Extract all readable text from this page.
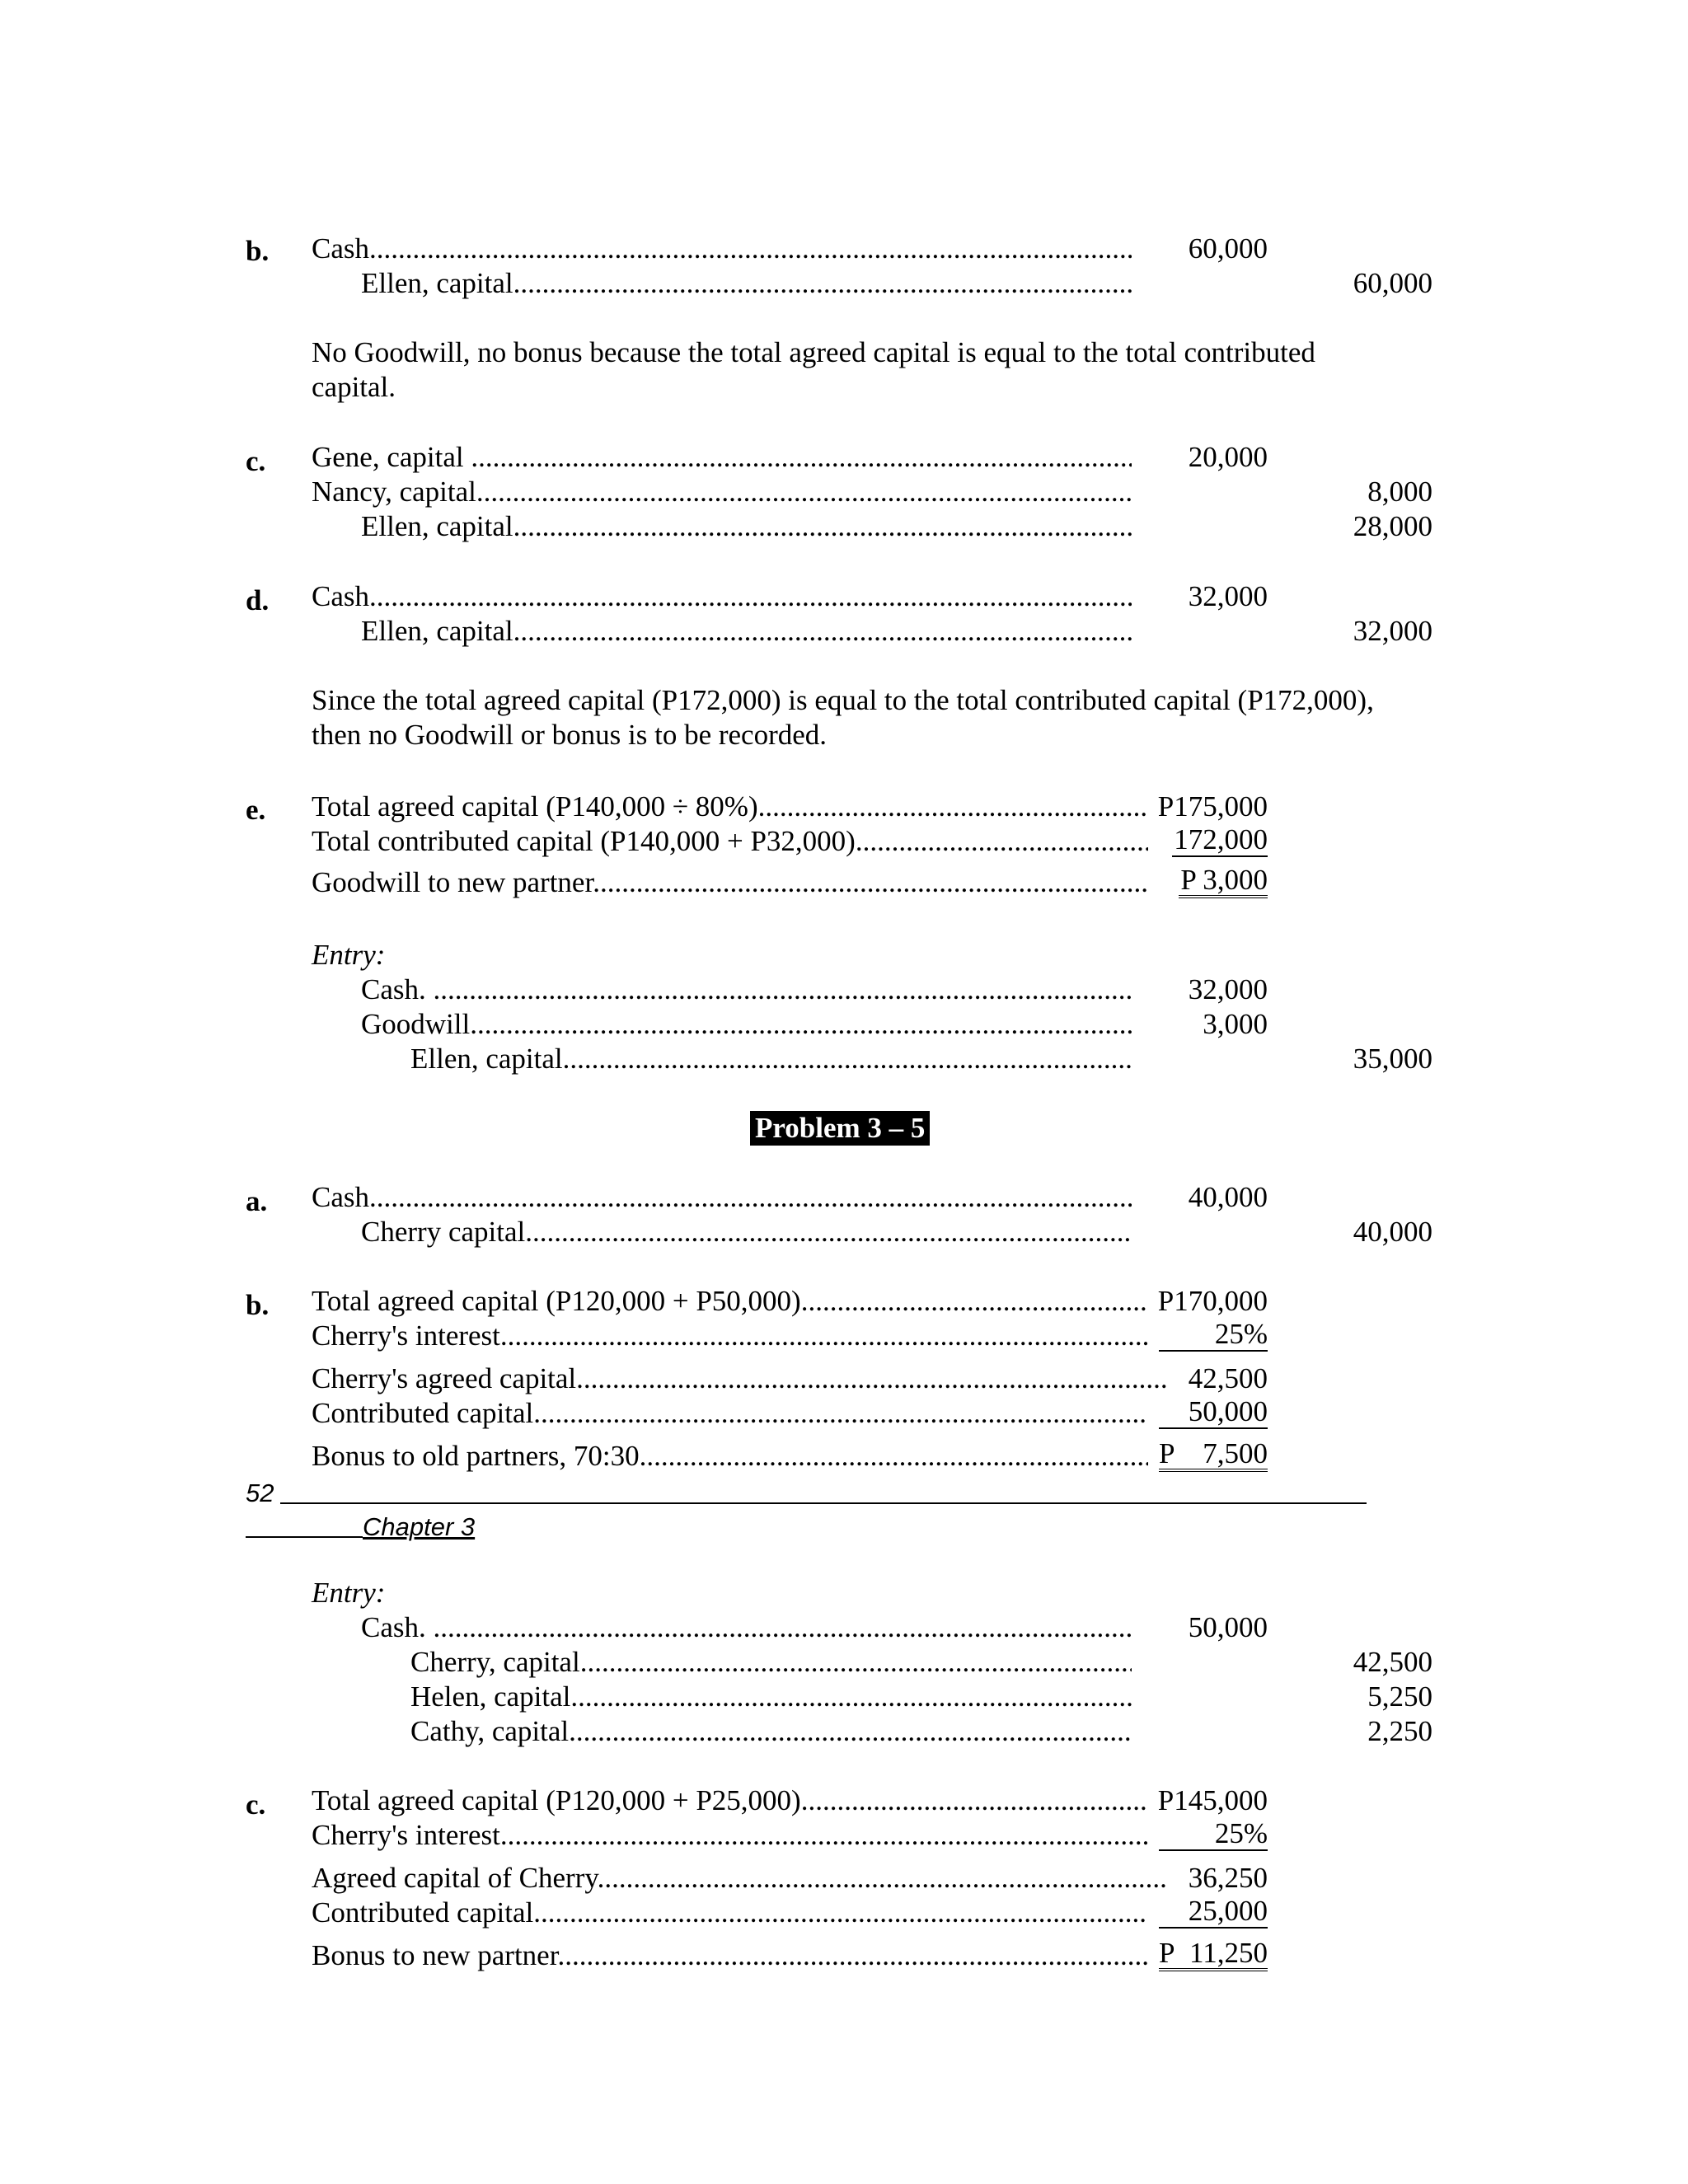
b. Cash .....	60,000
Ellen, capital .....	60,000
No Goodwill, no bonus because the total agreed capital is equal to the total contributed
capital.
c. Gene, capital .....	20,000
Nancy, capital .....	8,000
Ellen, capital .....	28,000
d. Cash .....	32,000
Ellen, capital .....	32,000
Since the total agreed capital (P172,000) is equal to the total contributed capital (P172,000),
then no Goodwill or bonus is to be recorded.
e. Total agreed capital (P140,000 ÷ 80%) .....	P175,000
Total contributed capital (P140,000 + P32,000) .....	172,000
Goodwill to new partner .....	P 3,000
Entry:
Cash. .....	32,000
Goodwill .....	3,000
Ellen, capital .....	35,000
Problem 3 – 5
a. Cash .....	40,000
Cherry capital .....	40,000
b. Total agreed capital (P120,000 + P50,000) .....	P170,000
Cherry's interest .....	25%
Cherry's agreed capital .....	42,500
Contributed capital .....	50,000
Bonus to old partners, 70:30 .....	P 7,500
52
Chapter 3
Entry:
Cash. .....	50,000
Cherry, capital .....	42,500
Helen, capital .....	5,250
Cathy, capital .....	2,250
c. Total agreed capital (P120,000 + P25,000) .....	P145,000
Cherry's interest .....	25%
Agreed capital of Cherry .....	36,250
Contributed capital .....	25,000
Bonus to new partner .....	P 11,250
